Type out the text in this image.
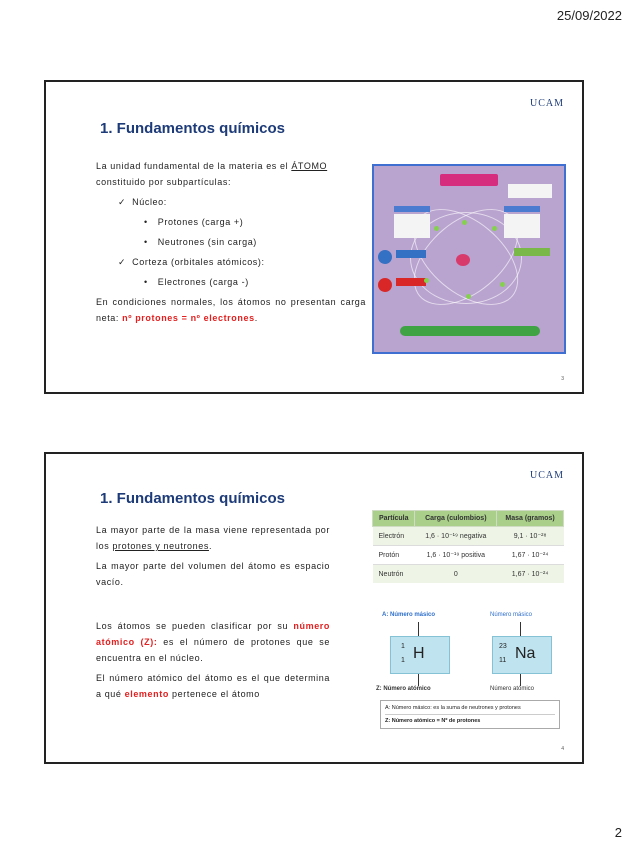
25/09/2022
UCAM
1. Fundamentos químicos

La unidad fundamental de la materia es el ÁTOMO constituido por subpartículas:

✓ Núcleo:

• Protones (carga +)

• Neutrones (sin carga)

✓ Corteza (orbitales atómicos):

• Electrones (carga -)

En condiciones normales, los átomos no presentan carga neta: nº protones = nº electrones.

3
UCAM
1. Fundamentos químicos

La mayor parte de la masa viene representada por los protones y neutrones.

La mayor parte del volumen del átomo es espacio vacío.

Los átomos se pueden clasificar por su número atómico (Z): es el número de protones que se encuentra en el núcleo.

El número atómico del átomo es el que determina a qué elemento pertenece el átomo

Partícula	Carga (culombios)	Masa (gramos)
Electrón	1,6 · 10⁻¹⁹ negativa	9,1 · 10⁻²⁸
Protón	1,6 · 10⁻¹⁹ positiva	1,67 · 10⁻²⁴
Neutrón	0	1,67 · 10⁻²⁴
A: Número másico	Número másico
1
1 H	23
11 Na
Z: Número atómico	Número atómico
A: Número másico: es la suma de neutrones y protones
Z: Número atómico = Nº de protones
4
2
